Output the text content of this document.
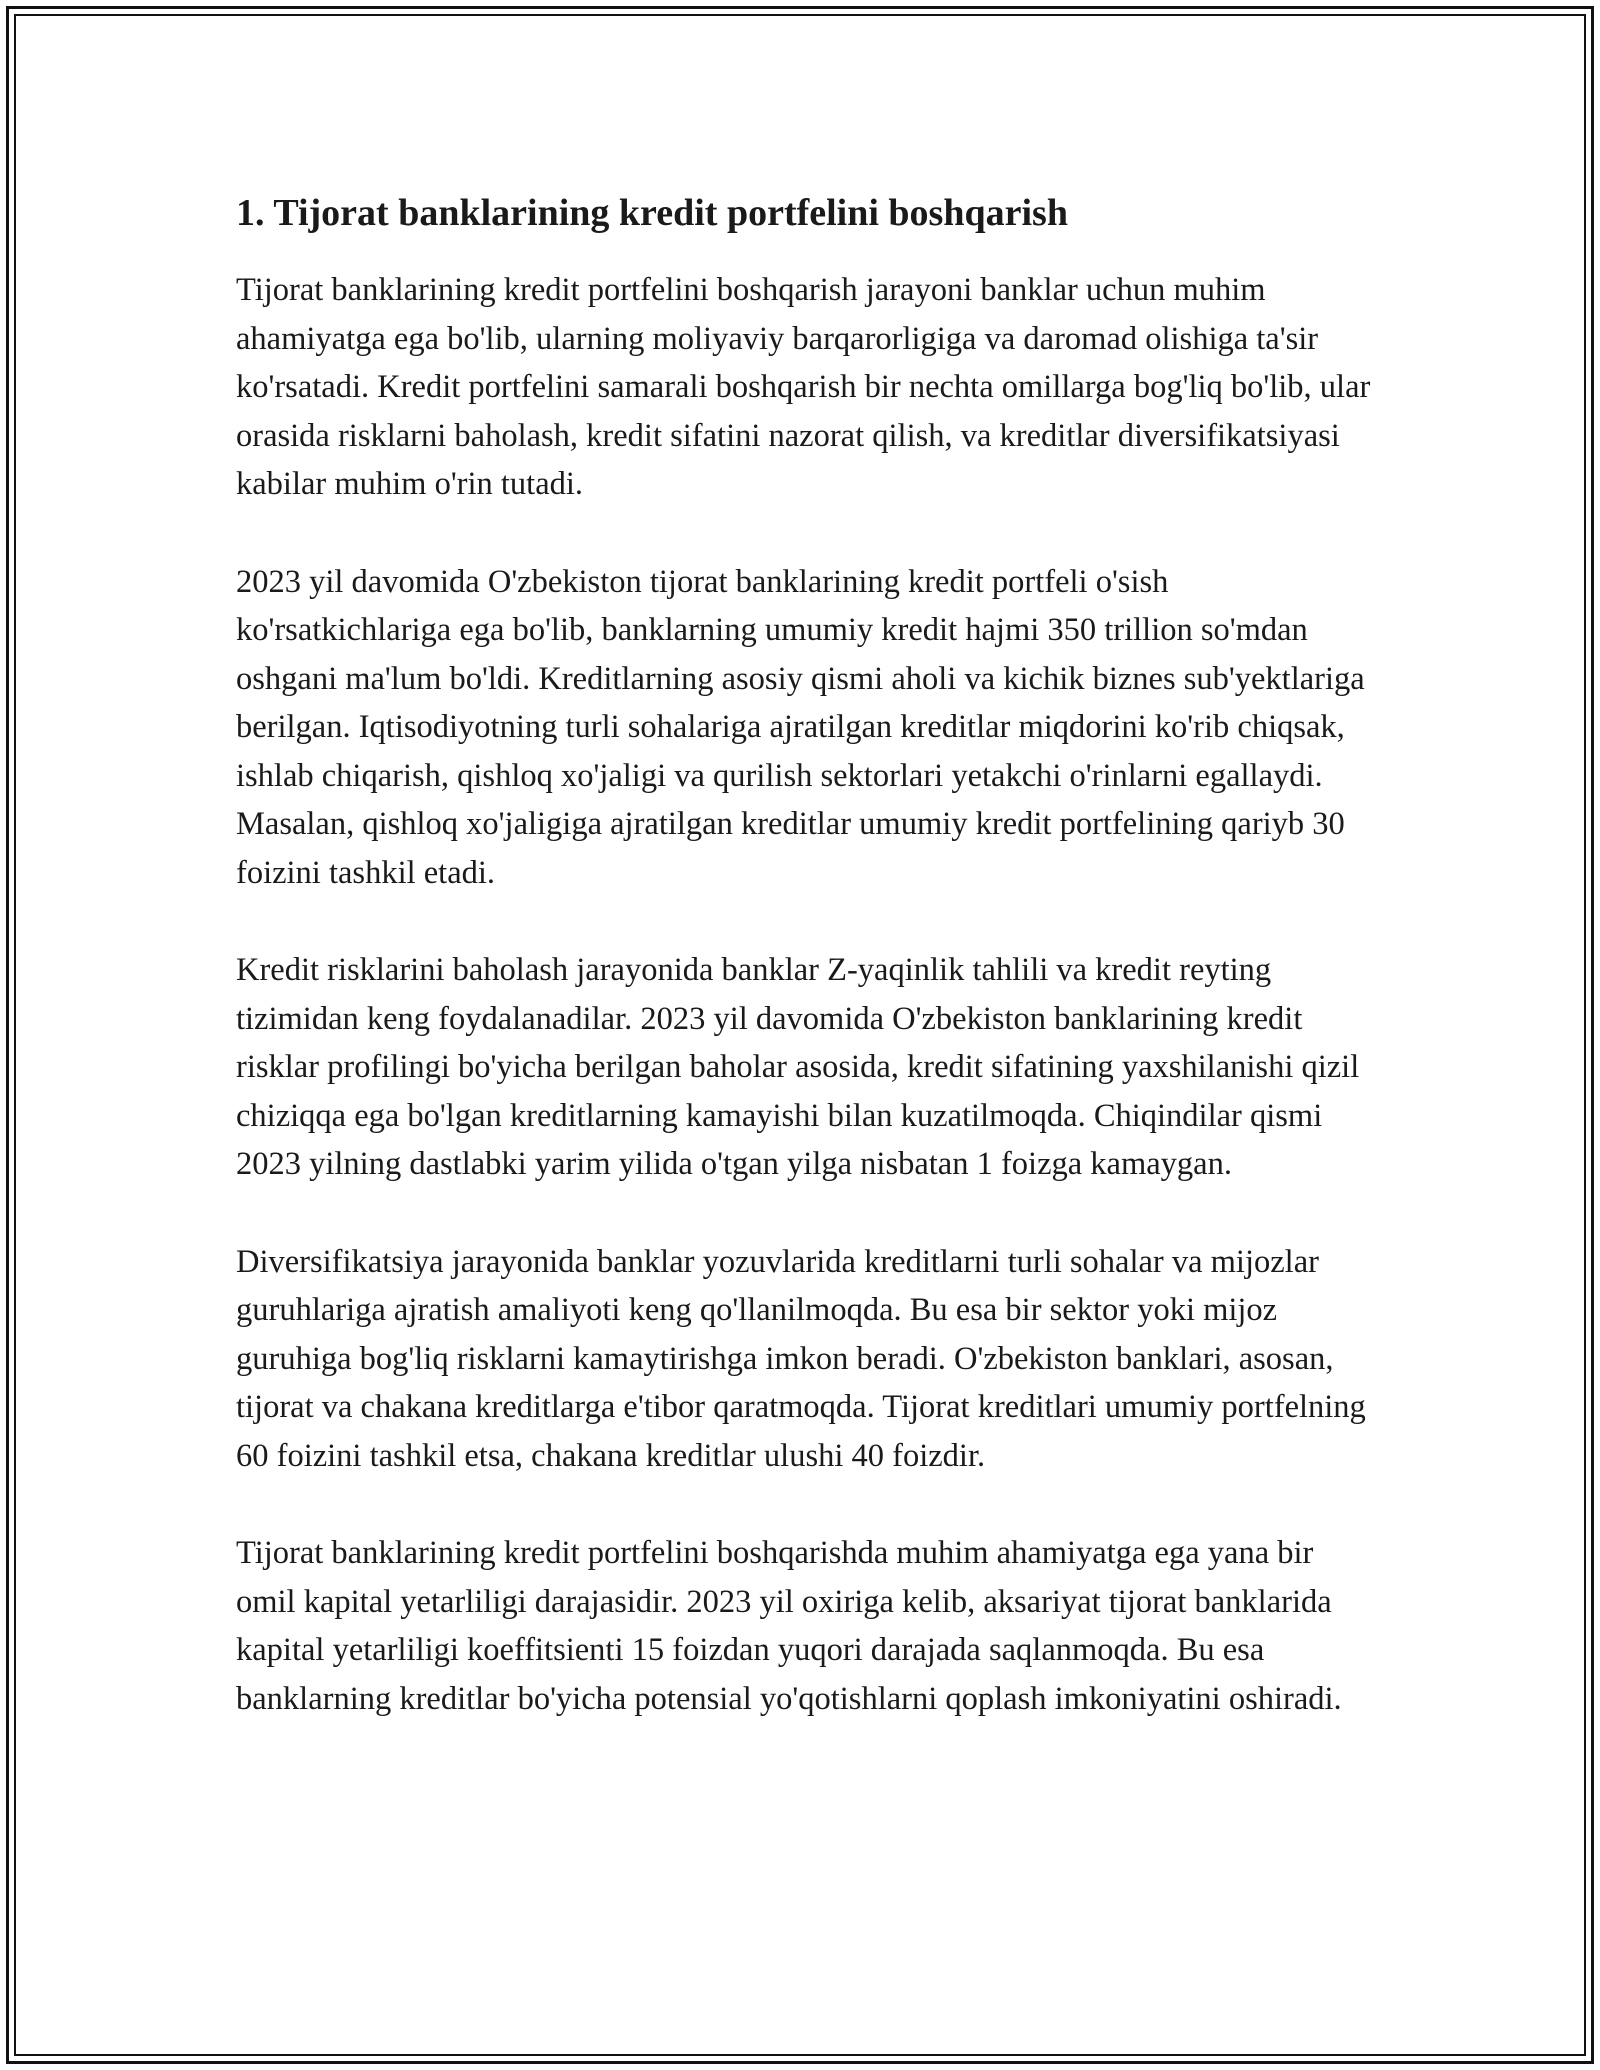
1. Tijorat banklarining kredit portfelini boshqarish

Tijorat banklarining kredit portfelini boshqarish jarayoni banklar uchun muhim ahamiyatga ega bo'lib, ularning moliyaviy barqarorligiga va daromad olishiga ta'sir ko'rsatadi. Kredit portfelini samarali boshqarish bir nechta omillarga bog'liq bo'lib, ular orasida risklarni baholash, kredit sifatini nazorat qilish, va kreditlar diversifikatsiyasi kabilar muhim o'rin tutadi.

2023 yil davomida O'zbekiston tijorat banklarining kredit portfeli o'sish ko'rsatkichlariga ega bo'lib, banklarning umumiy kredit hajmi 350 trillion so'mdan oshgani ma'lum bo'ldi. Kreditlarning asosiy qismi aholi va kichik biznes sub'yektlariga berilgan. Iqtisodiyotning turli sohalariga ajratilgan kreditlar miqdorini ko'rib chiqsak, ishlab chiqarish, qishloq xo'jaligi va qurilish sektorlari yetakchi o'rinlarni egallaydi. Masalan, qishloq xo'jaligiga ajratilgan kreditlar umumiy kredit portfelining qariyb 30 foizini tashkil etadi.

Kredit risklarini baholash jarayonida banklar Z-yaqinlik tahlili va kredit reyting tizimidan keng foydalanadilar. 2023 yil davomida O'zbekiston banklarining kredit risklar profilingi bo'yicha berilgan baholar asosida, kredit sifatining yaxshilanishi qizil chiziqqa ega bo'lgan kreditlarning kamayishi bilan kuzatilmoqda. Chiqindilar qismi 2023 yilning dastlabki yarim yilida o'tgan yilga nisbatan 1 foizga kamaygan.

Diversifikatsiya jarayonida banklar yozuvlarida kreditlarni turli sohalar va mijozlar guruhlariga ajratish amaliyoti keng qo'llanilmoqda. Bu esa bir sektor yoki mijoz guruhiga bog'liq risklarni kamaytirishga imkon beradi. O'zbekiston banklari, asosan, tijorat va chakana kreditlarga e'tibor qaratmoqda. Tijorat kreditlari umumiy portfelning 60 foizini tashkil etsa, chakana kreditlar ulushi 40 foizdir.

Tijorat banklarining kredit portfelini boshqarishda muhim ahamiyatga ega yana bir omil kapital yetarliligi darajasidir. 2023 yil oxiriga kelib, aksariyat tijorat banklarida kapital yetarliligi koeffitsienti 15 foizdan yuqori darajada saqlanmoqda. Bu esa banklarning kreditlar bo'yicha potensial yo'qotishlarni qoplash imkoniyatini oshiradi.
